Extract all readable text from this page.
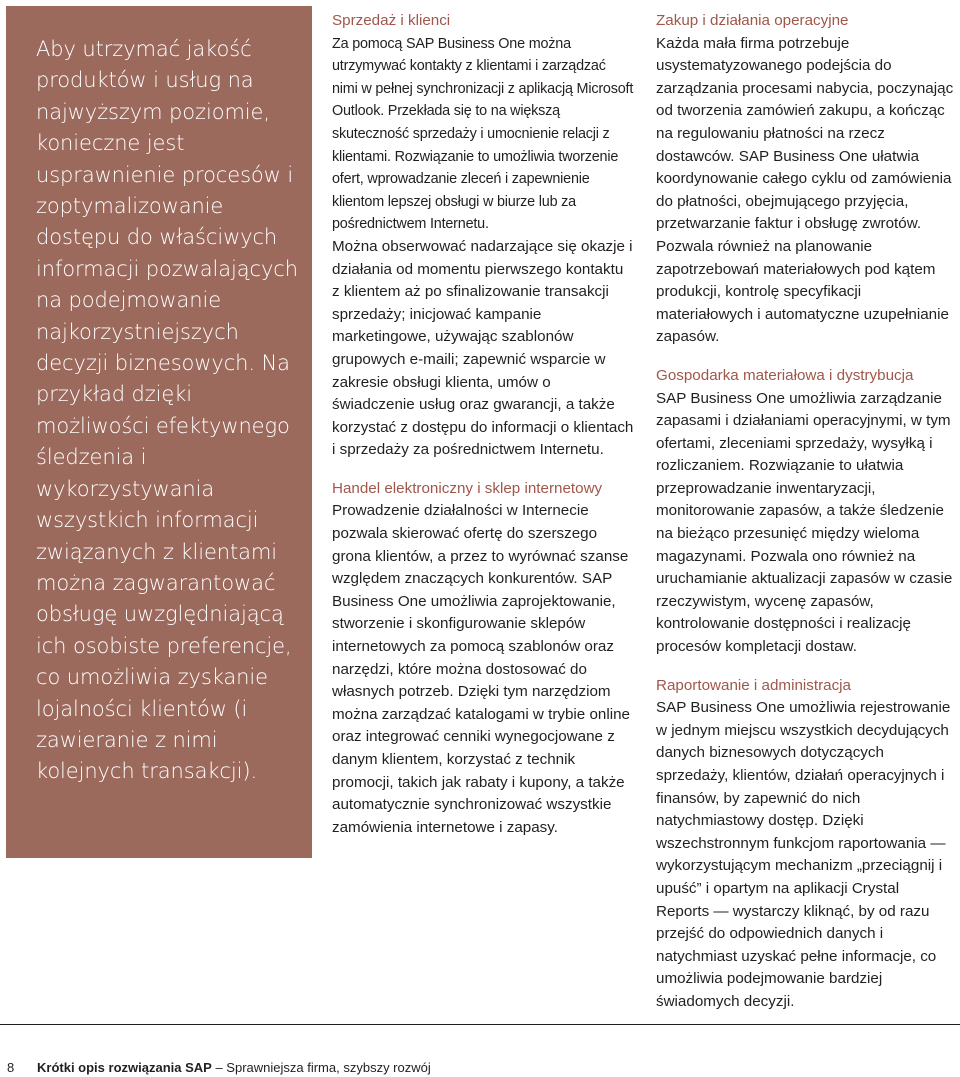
Aby utrzymać jakość produktów i usług na najwyższym poziomie, konieczne jest usprawnienie procesów i zoptymalizowanie dostępu do właściwych informacji pozwalających na podejmowanie najkorzystniejszych decyzji biznesowych. Na przykład dzięki możliwości efektywnego śledzenia i wykorzystywania wszystkich informacji związanych z klientami można zagwarantować obsługę uwzględniającą ich osobiste preferencje, co umożliwia zyskanie lojalności klientów (i zawieranie z nimi kolejnych transakcji).

Sprzedaż i klienci

Za pomocą SAP Business One można utrzymywać kontakty z klientami i zarządzać nimi w pełnej synchronizacji z aplikacją Microsoft Outlook. Przekłada się to na większą skuteczność sprzedaży i umocnienie relacji z klientami. Rozwiązanie to umożliwia tworzenie ofert, wprowadzanie zleceń i zapewnienie klientom lepszej obsługi w biurze lub za pośrednictwem Internetu.

Można obserwować nadarzające się okazje i działania od momentu pierwszego kontaktu z klientem aż po sfinalizowanie transakcji sprzedaży; inicjować kampanie marketingowe, używając szablonów grupowych e-maili; zapewnić wsparcie w zakresie obsługi klienta, umów o świadczenie usług oraz gwarancji, a także korzystać z dostępu do informacji o klientach i sprzedaży za pośrednictwem Internetu.

Handel elektroniczny i sklep internetowy

Prowadzenie działalności w Internecie pozwala skierować ofertę do szerszego grona klientów, a przez to wyrównać szanse względem znaczących konkurentów. SAP Business One umożliwia zaprojektowanie, stworzenie i skonfigurowanie sklepów internetowych za pomocą szablonów oraz narzędzi, które można dostosować do własnych potrzeb. Dzięki tym narzędziom można zarządzać katalogami w trybie online oraz integrować cenniki wynegocjowane z danym klientem, korzystać z technik promocji, takich jak rabaty i kupony, a także automatycznie synchronizować wszystkie zamówienia internetowe i zapasy.

Zakup i działania operacyjne

Każda mała firma potrzebuje usystematyzowanego podejścia do zarządzania procesami nabycia, poczynając od tworzenia zamówień zakupu, a kończąc na regulowaniu płatności na rzecz dostawców. SAP Business One ułatwia koordynowanie całego cyklu od zamówienia do płatności, obejmującego przyjęcia, przetwarzanie faktur i obsługę zwrotów. Pozwala również na planowanie zapotrzebowań materiałowych pod kątem produkcji, kontrolę specyfikacji materiałowych i automatyczne uzupełnianie zapasów.

Gospodarka materiałowa i dystrybucja

SAP Business One umożliwia zarządzanie zapasami i działaniami operacyjnymi, w tym ofertami, zleceniami sprzedaży, wysyłką i rozliczaniem. Rozwiązanie to ułatwia przeprowadzanie inwentaryzacji, monitorowanie zapasów, a także śledzenie na bieżąco przesunięć między wieloma magazynami. Pozwala ono również na uruchamianie aktualizacji zapasów w czasie rzeczywistym, wycenę zapasów, kontrolowanie dostępności i realizację procesów kompletacji dostaw.

Raportowanie i administracja

SAP Business One umożliwia rejestrowanie w jednym miejscu wszystkich decydujących danych biznesowych dotyczących sprzedaży, klientów, działań operacyjnych i finansów, by zapewnić do nich natychmiastowy dostęp. Dzięki wszechstronnym funkcjom raportowania — wykorzystującym mechanizm „przeciągnij i upuść” i opartym na aplikacji Crystal Reports — wystarczy kliknąć, by od razu przejść do odpowiednich danych i natychmiast uzyskać pełne informacje, co umożliwia podejmowanie bardziej świadomych decyzji.

8 Krótki opis rozwiązania SAP – Sprawniejsza firma, szybszy rozwój
